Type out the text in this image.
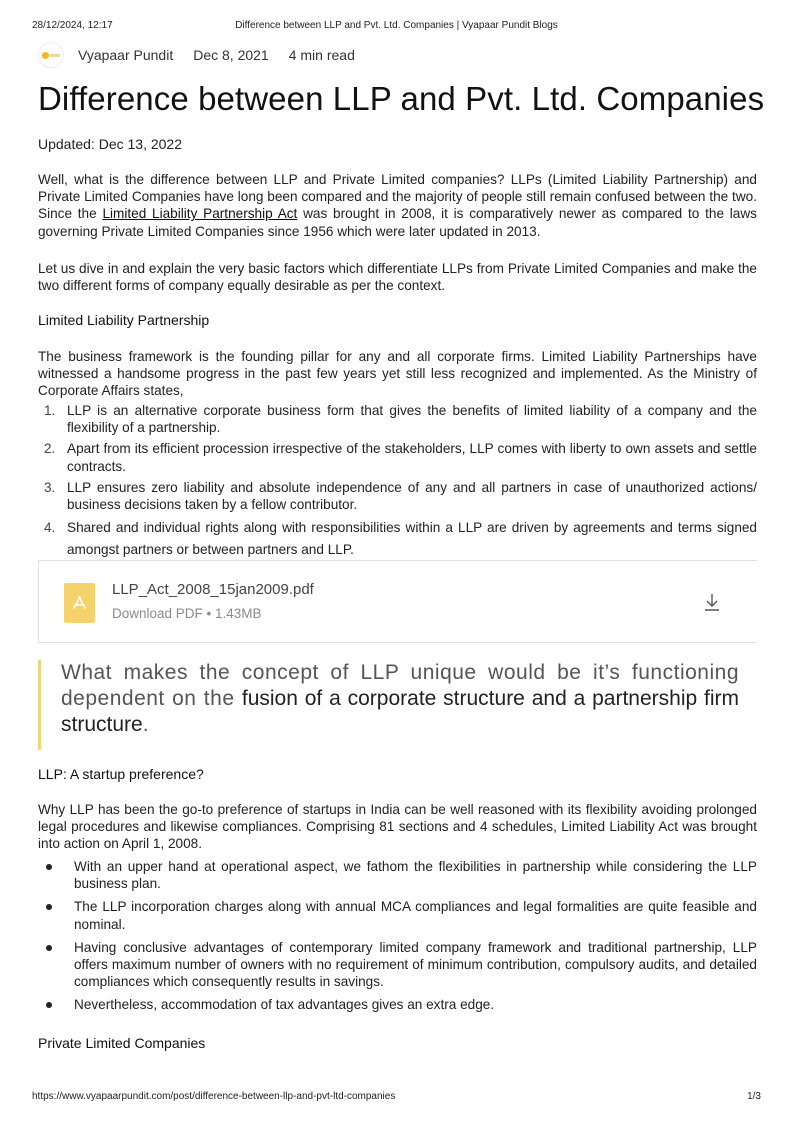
28/12/2024, 12:17	Difference between LLP and Pvt. Ltd. Companies | Vyapaar Pundit Blogs
Vyapaar Pundit Dec 8, 2021 4 min read
Difference between LLP and Pvt. Ltd. Companies
Updated: Dec 13, 2022

Well, what is the difference between LLP and Private Limited companies? LLPs (Limited Liability Partnership) and Private Limited Companies have long been compared and the majority of people still remain confused between the two. Since the Limited Liability Partnership Act was brought in 2008, it is comparatively newer as compared to the laws governing Private Limited Companies since 1956 which were later updated in 2013.

Let us dive in and explain the very basic factors which differentiate LLPs from Private Limited Companies and make the two different forms of company equally desirable as per the context.

Limited Liability Partnership

The business framework is the founding pillar for any and all corporate firms. Limited Liability Partnerships have witnessed a handsome progress in the past few years yet still less recognized and implemented. As the Ministry of Corporate Affairs states,

1. LLP is an alternative corporate business form that gives the benefits of limited liability of a company and the flexibility of a partnership.
2. Apart from its efficient procession irrespective of the stakeholders, LLP comes with liberty to own assets and settle contracts.
3. LLP ensures zero liability and absolute independence of any and all partners in case of unauthorized actions/ business decisions taken by a fellow contributor.
4. Shared and individual rights along with responsibilities within a LLP are driven by agreements and terms signed amongst partners or between partners and LLP.
LLP_Act_2008_15jan2009.pdf
Download PDF • 1.43MB
What makes the concept of LLP unique would be it’s functioning dependent on the fusion of a corporate structure and a partnership firm structure.
LLP: A startup preference?

Why LLP has been the go-to preference of startups in India can be well reasoned with its flexibility avoiding prolonged legal procedures and likewise compliances. Comprising 81 sections and 4 schedules, Limited Liability Act was brought into action on April 1, 2008.

With an upper hand at operational aspect, we fathom the flexibilities in partnership while considering the LLP business plan.
The LLP incorporation charges along with annual MCA compliances and legal formalities are quite feasible and nominal.
Having conclusive advantages of contemporary limited company framework and traditional partnership, LLP offers maximum number of owners with no requirement of minimum contribution, compulsory audits, and detailed compliances which consequently results in savings.
Nevertheless, accommodation of tax advantages gives an extra edge.
Private Limited Companies
https://www.vyapaarpundit.com/post/difference-between-llp-and-pvt-ltd-companies	1/3
